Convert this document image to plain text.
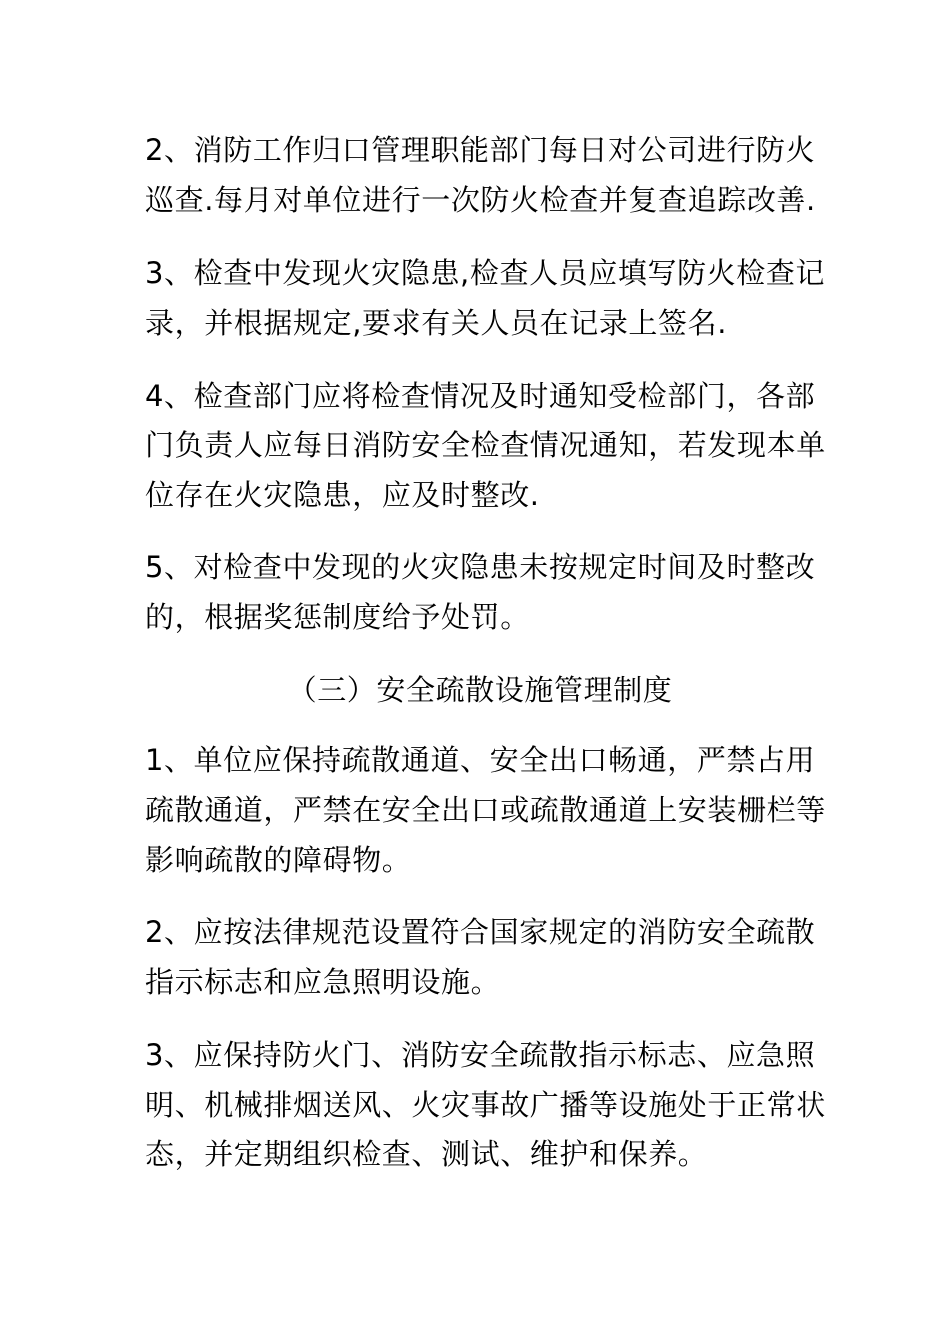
2、消防工作归口管理职能部门每日对公司进行防火
巡查.每月对单位进行一次防火检查并复查追踪改善.
3、检查中发现火灾隐患,检查人员应填写防火检查记
录，并根据规定,要求有关人员在记录上签名.
4、检查部门应将检查情况及时通知受检部门，各部
门负责人应每日消防安全检查情况通知，若发现本单
位存在火灾隐患，应及时整改.
5、对检查中发现的火灾隐患未按规定时间及时整改
的，根据奖惩制度给予处罚。
（三）安全疏散设施管理制度
1、单位应保持疏散通道、安全出口畅通，严禁占用
疏散通道，严禁在安全出口或疏散通道上安装栅栏等
影响疏散的障碍物。
2、应按法律规范设置符合国家规定的消防安全疏散
指示标志和应急照明设施。
3、应保持防火门、消防安全疏散指示标志、应急照
明、机械排烟送风、火灾事故广播等设施处于正常状
态，并定期组织检查、测试、维护和保养。
